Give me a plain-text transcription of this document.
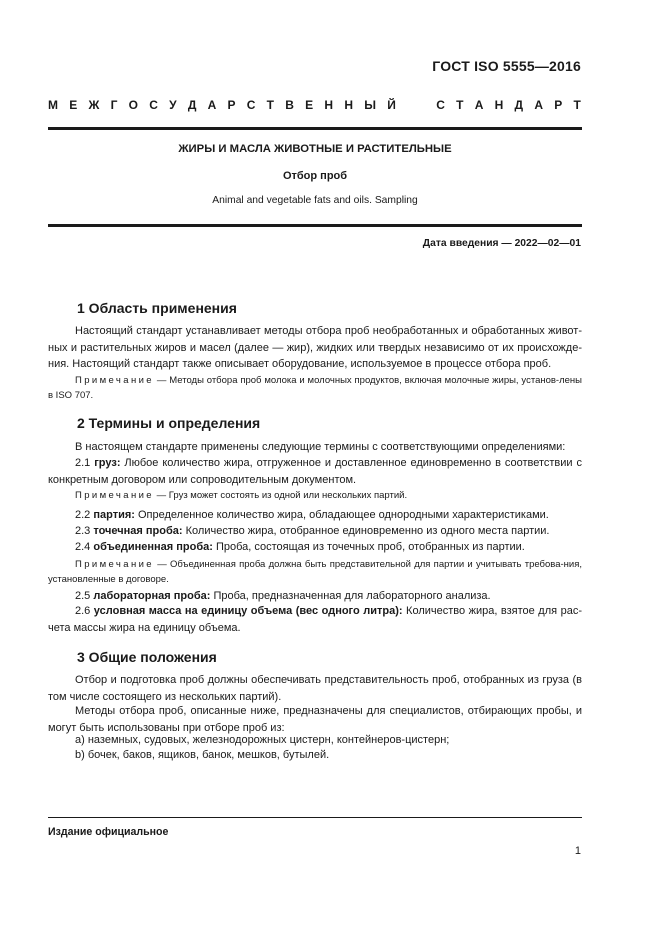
ГОСТ ISO 5555—2016
М Е Ж Г О С У Д А Р С Т В Е Н Н Ы Й

	С Т А Н Д А Р Т
ЖИРЫ И МАСЛА ЖИВОТНЫЕ И РАСТИТЕЛЬНЫЕ
Отбор проб
Animal and vegetable fats and oils. Sampling
Дата введения — 2022—02—01
1 Область применения
Настоящий стандарт устанавливает методы отбора проб необработанных и обработанных живот-ных и растительных жиров и масел (далее — жир), жидких или твердых независимо от их происхожде-ния. Настоящий стандарт также описывает оборудование, используемое в процессе отбора проб.
Примечание — Методы отбора проб молока и молочных продуктов, включая молочные жиры, установ-лены в ISO 707.
2 Термины и определения
В настоящем стандарте применены следующие термины с соответствующими определениями:
2.1 груз: Любое количество жира, отгруженное и доставленное единовременно в соответствии с конкретным договором или сопроводительным документом.
Примечание — Груз может состоять из одной или нескольких партий.
2.2 партия: Определенное количество жира, обладающее однородными характеристиками.
2.3 точечная проба: Количество жира, отобранное единовременно из одного места партии.
2.4 объединенная проба: Проба, состоящая из точечных проб, отобранных из партии.
Примечание — Объединенная проба должна быть представительной для партии и учитывать требова-ния, установленные в договоре.
2.5 лабораторная проба: Проба, предназначенная для лабораторного анализа.
2.6 условная масса на единицу объема (вес одного литра): Количество жира, взятое для рас-чета массы жира на единицу объема.
3 Общие положения
Отбор и подготовка проб должны обеспечивать представительность проб, отобранных из груза (в том числе состоящего из нескольких партий).
Методы отбора проб, описанные ниже, предназначены для специалистов, отбирающих пробы, и могут быть использованы при отборе проб из:
a) наземных, судовых, железнодорожных цистерн, контейнеров-цистерн;
b) бочек, баков, ящиков, банок, мешков, бутылей.
Издание официальное
1
